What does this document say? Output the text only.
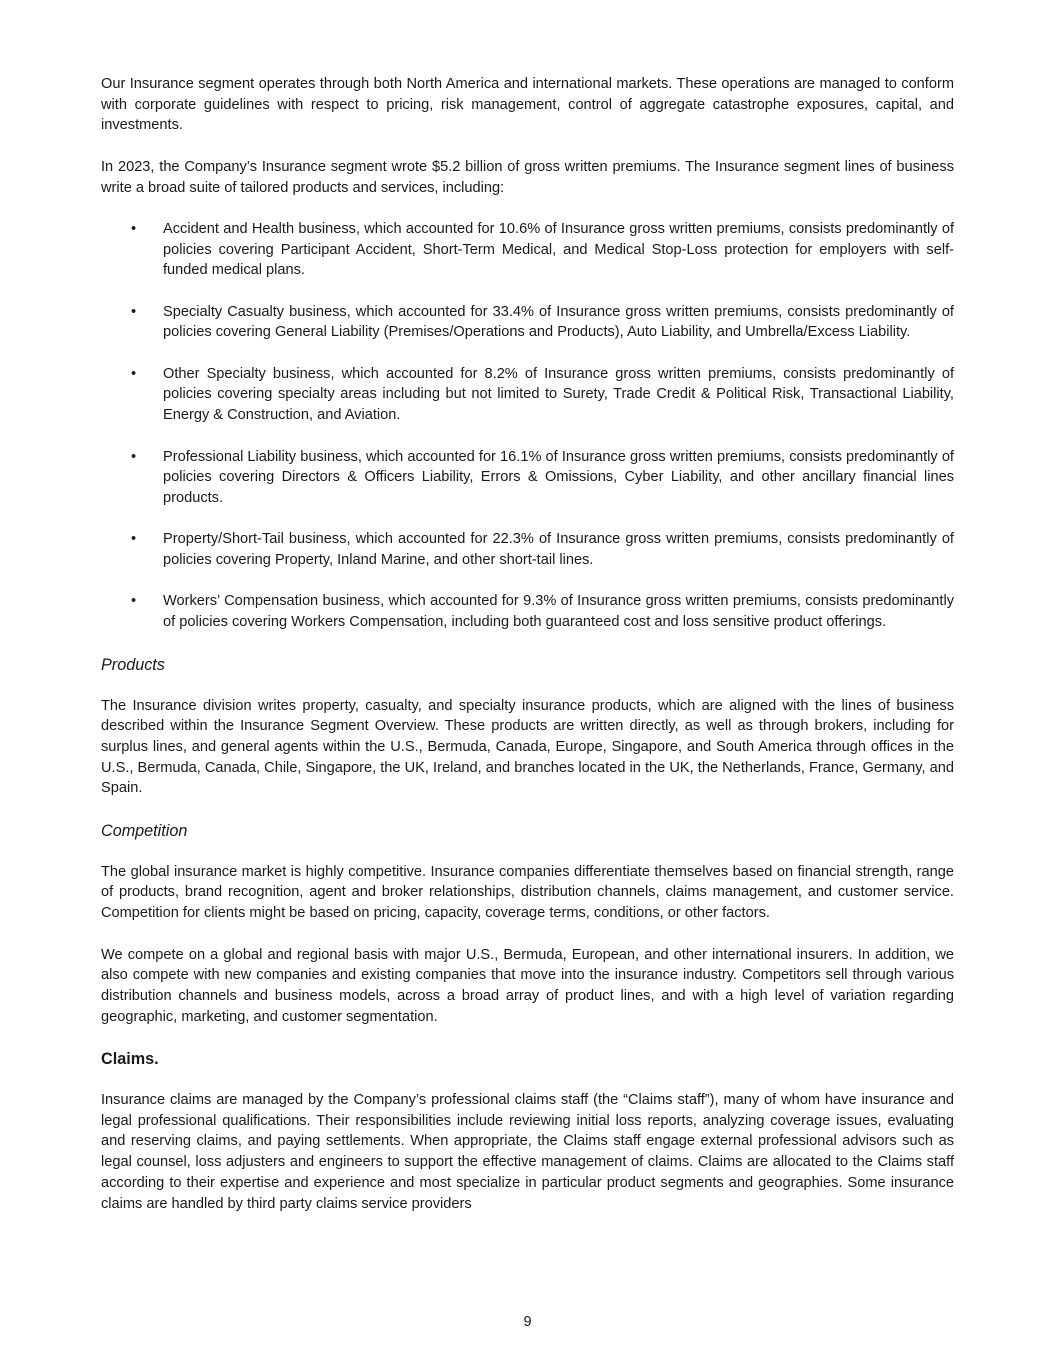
Our Insurance segment operates through both North America and international markets. These operations are managed to conform with corporate guidelines with respect to pricing, risk management, control of aggregate catastrophe exposures, capital, and investments.

In 2023, the Company’s Insurance segment wrote $5.2 billion of gross written premiums. The Insurance segment lines of business write a broad suite of tailored products and services, including:

• Accident and Health business, which accounted for 10.6% of Insurance gross written premiums, consists predominantly of policies covering Participant Accident, Short-Term Medical, and Medical Stop-Loss protection for employers with self-funded medical plans.
• Specialty Casualty business, which accounted for 33.4% of Insurance gross written premiums, consists predominantly of policies covering General Liability (Premises/Operations and Products), Auto Liability, and Umbrella/Excess Liability.
• Other Specialty business, which accounted for 8.2% of Insurance gross written premiums, consists predominantly of policies covering specialty areas including but not limited to Surety, Trade Credit & Political Risk, Transactional Liability, Energy & Construction, and Aviation.
• Professional Liability business, which accounted for 16.1% of Insurance gross written premiums, consists predominantly of policies covering Directors & Officers Liability, Errors & Omissions, Cyber Liability, and other ancillary financial lines products.
• Property/Short-Tail business, which accounted for 22.3% of Insurance gross written premiums, consists predominantly of policies covering Property, Inland Marine, and other short-tail lines.
• Workers’ Compensation business, which accounted for 9.3% of Insurance gross written premiums, consists predominantly of policies covering Workers Compensation, including both guaranteed cost and loss sensitive product offerings.
Products

The Insurance division writes property, casualty, and specialty insurance products, which are aligned with the lines of business described within the Insurance Segment Overview. These products are written directly, as well as through brokers, including for surplus lines, and general agents within the U.S., Bermuda, Canada, Europe, Singapore, and South America through offices in the U.S., Bermuda, Canada, Chile, Singapore, the UK, Ireland, and branches located in the UK, the Netherlands, France, Germany, and Spain.

Competition

The global insurance market is highly competitive. Insurance companies differentiate themselves based on financial strength, range of products, brand recognition, agent and broker relationships, distribution channels, claims management, and customer service. Competition for clients might be based on pricing, capacity, coverage terms, conditions, or other factors.

We compete on a global and regional basis with major U.S., Bermuda, European, and other international insurers. In addition, we also compete with new companies and existing companies that move into the insurance industry. Competitors sell through various distribution channels and business models, across a broad array of product lines, and with a high level of variation regarding geographic, marketing, and customer segmentation.

Claims.

Insurance claims are managed by the Company’s professional claims staff (the “Claims staff”), many of whom have insurance and legal professional qualifications. Their responsibilities include reviewing initial loss reports, analyzing coverage issues, evaluating and reserving claims, and paying settlements. When appropriate, the Claims staff engage external professional advisors such as legal counsel, loss adjusters and engineers to support the effective management of claims. Claims are allocated to the Claims staff according to their expertise and experience and most specialize in particular product segments and geographies. Some insurance claims are handled by third party claims service providers

9
